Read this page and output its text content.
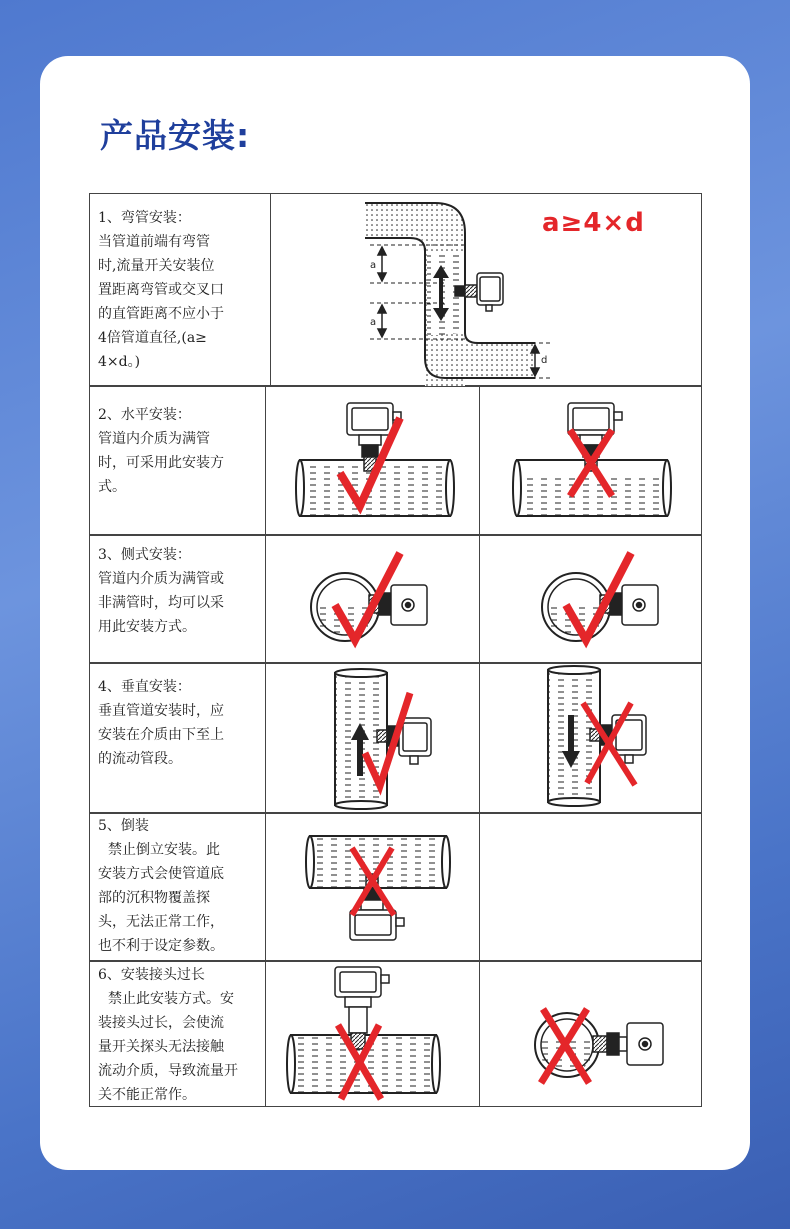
产品安装:
1、弯管安装：
当管道前端有弯管
时,流量开关安装位
置距离弯管或交叉口
的直管距离不应小于
4倍管道直径,(a≥
4×d。)
a
a
d
a≥4×d
2、水平安装：
管道内介质为满管
时，可采用此安装方
式。
3、侧式安装：
管道内介质为满管或
非满管时，均可以采
用此安装方式。
4、垂直安装：
垂直管道安装时，应
安装在介质由下至上
的流动管段。
5、倒装
禁止倒立安装。此
安装方式会使管道底
部的沉积物覆盖探
头，无法正常工作，
也不利于设定参数。
6、安装接头过长
禁止此安装方式。安
装接头过长，会使流
量开关探头无法接触
流动介质，导致流量开
关不能正常作。
